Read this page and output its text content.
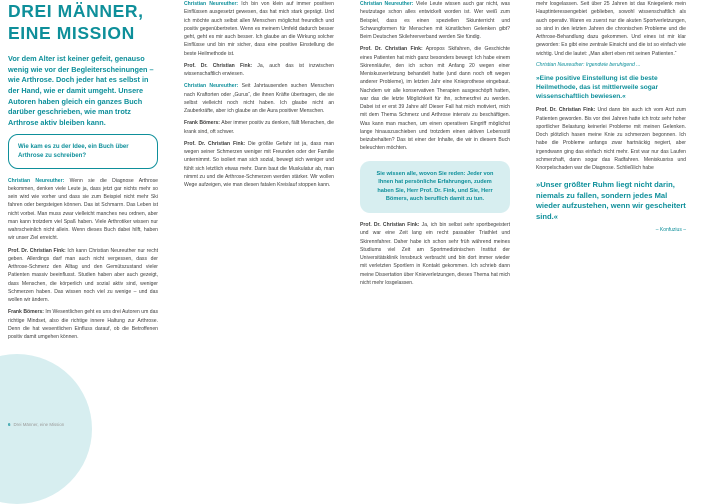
DREI MÄNNER,
EINE MISSION
Vor dem Alter ist keiner gefeit, genauso wenig wie vor der Begleiterscheinungen – wie Arthrose. Doch jeder hat es selbst in der Hand, wie er damit umgeht. Unsere Autoren haben gleich ein ganzes Buch darüber geschrieben, wie man trotz Arthrose aktiv bleiben kann.
Wie kam es zu der Idee, ein Buch über Arthrose zu schreiben?

Christian Neureuther: Wenn sie die Diagnose Arthrose bekommen, denken viele Leute ja, dass jetzt gar nichts mehr so sein wird wie vorher und dass sie zum Beispiel nicht mehr Ski fahren oder bergsteigen können. Das ist Schmarrn. Das Leben ist nicht vorbei. Man muss zwar vielleicht manches neu ordnen, aber man kann trotzdem viel Spaß haben. Viele Arthrotiker wissen nur wahrscheinlich nicht allein. Wenn dieses Buch dabei hilft, haben wir unser Ziel erreicht.

Prof. Dr. Christian Fink: Ich kann Christian Neureuther nur recht geben. Allerdings darf man auch nicht vergessen, dass der Arthrose-Schmerz den Alltag und den Gemütszustand vieler Patienten massiv beeinflusst. Studien haben aber auch gezeigt, dass Menschen, die körperlich und sozial aktiv sind, weniger Schmerzen haben. Das wissen noch viel zu wenige – und das wollen wir ändern.

Frank Bömers: Im Wesentlichen geht es uns drei Autoren um das richtige Mindset, also die richtige innere Haltung zur Arthrose. Denn die hat wesentlichen Einfluss darauf, ob die Betroffenen positiv damit umgehen können.

Christian Neureuther: Ich bin von klein auf immer positiven Einflüssen ausgesetzt gewesen, das hat mich stark geprägt. Und ich möchte auch selbst allen Menschen möglichst freundlich und positiv gegenübertreten. Wenn es meinem Umfeld dadurch besser geht, geht es mir auch besser. Ich glaube an die Wirkung solcher Einflüsse und bin mir sicher, dass eine positive Einstellung die beste Heilmethode ist.

Prof. Dr. Christian Fink: Ja, auch das ist inzwischen wissenschaftlich erwiesen.

Christian Neureuther: Seit Jahrtausenden suchen Menschen nach Kraftorten oder „Gurus“, die ihnen Kräfte übertragen, die sie selbst vielleicht noch nicht haben. Ich glaube nicht an Zauberkräfte, aber ich glaube an die Aura positiver Menschen.

Frank Bömers: Aber immer positiv zu denken, fällt Menschen, die krank sind, oft schwer.

Prof. Dr. Christian Fink: Die größte Gefahr ist ja, dass man wegen seiner Schmerzen weniger mit Freunden oder der Familie unternimmt. So isoliert man sich sozial, bewegt sich weniger und fühlt sich letztlich etwas mehr. Dann baut die Muskulatur ab, man nimmt zu und die Arthrose-Schmerzen werden stärker. Wir wollen Wege aufzeigen, wie man diesen fatalen Kreislauf stoppen kann.

Christian Neureuther: Viele Leute wissen auch gar nicht, was heutzutage schon alles entwickelt worden ist. Wer weiß zum Beispiel, dass es einen speziellen Skiunterricht und Schwungformen für Menschen mit künstlichen Gelenken gibt? Beim Deutschen Skilehrerverband werden Sie fündig.

Prof. Dr. Christian Fink: Apropos Skifahren, die Geschichte eines Patienten hat mich ganz besonders bewegt: Ich habe einem Skirennläufer, den ich schon mit Anfang 20 wegen einer Meniskusverletzung behandelt hatte (und dann noch oft wegen anderer Probleme), im letzten Jahr eine Knieprothese eingebaut. Nachdem wir alle konservativen Therapien ausgeschöpft hatten, war das die letzte Möglichkeit für ihn, schmerzfrei zu werden. Dabei ist er erst 39 Jahre alt! Dieser Fall hat mich motiviert, mich mit dem Thema Schmerz und Arthrose intensiv zu beschäftigen. Was kann man machen, um einen operativen Eingriff möglichst lange hinauszuschieben und trotzdem einen aktiven Lebensstil beizubehalten? Das ist einer der Inhalte, die wir in diesem Buch beleuchten möchten.

Sie wissen alle, wovon Sie reden: Jeder von Ihnen hat persönliche Erfahrungen, zudem haben Sie, Herr Prof. Dr. Fink, und Sie, Herr Bömers, auch beruflich damit zu tun.

Prof. Dr. Christian Fink: Ja, ich bin selbst sehr sportbegeistert und war eine Zeit lang ein recht passabler Triathlet und Skirennfahrer. Daher habe ich schon sehr früh während meines Studiums viel Zeit am Sportmedizinischen Institut der Universitätsklinik Innsbruck verbracht und bin dort immer wieder mit verletzten Sportlern in Kontakt gekommen. Ich schrieb dann meine Dissertation über Knieverletzungen, dieses Thema hat mich nicht mehr losgelassen.

mehr losgelassen. Seit über 25 Jahren ist das Kniegelenk mein Hauptinteressengebiet geblieben, sowohl wissenschaftlich als auch operativ. Waren es zuerst nur die akuten Sportverletzungen, so sind in den letzten Jahren die chronischen Probleme und die Arthrose-Behandlung dazu gekommen. Und eines ist mir klar geworden: Es gibt eine zentrale Einsicht und die ist so einfach wie wichtig. Und die lautet: „Man altert eben mit seinen Patienten.“

Christian Neureuther: Irgendwie beruhigend ...
»Eine positive Einstellung ist die beste Heilmethode, das ist mittlerweile sogar wissenschaftlich bewiesen.«

Prof. Dr. Christian Fink: Und dann bin auch ich vom Arzt zum Patienten geworden. Bis vor drei Jahren hatte ich trotz sehr hoher sportlicher Belastung keinerlei Probleme mit meinen Gelenken. Doch plötzlich hasen meine Knie zu schmerzen begonnen. Ich habe die Probleme anfangs zwar hartnäckig negiert, aber irgendwann ging das einfach nicht mehr. Erst war nur das Laufen schmerzhaft, dann sogar das Radfahren. Meniskusriss und Knorpelschaden war die Diagnose. Schließlich habe

»Unser größter Ruhm liegt nicht darin, niemals zu fallen, sondern jedes Mal wieder aufzustehen, wenn wir gescheitert sind.«
– Konfuzius –
6 Drei Männer, eine Mission
